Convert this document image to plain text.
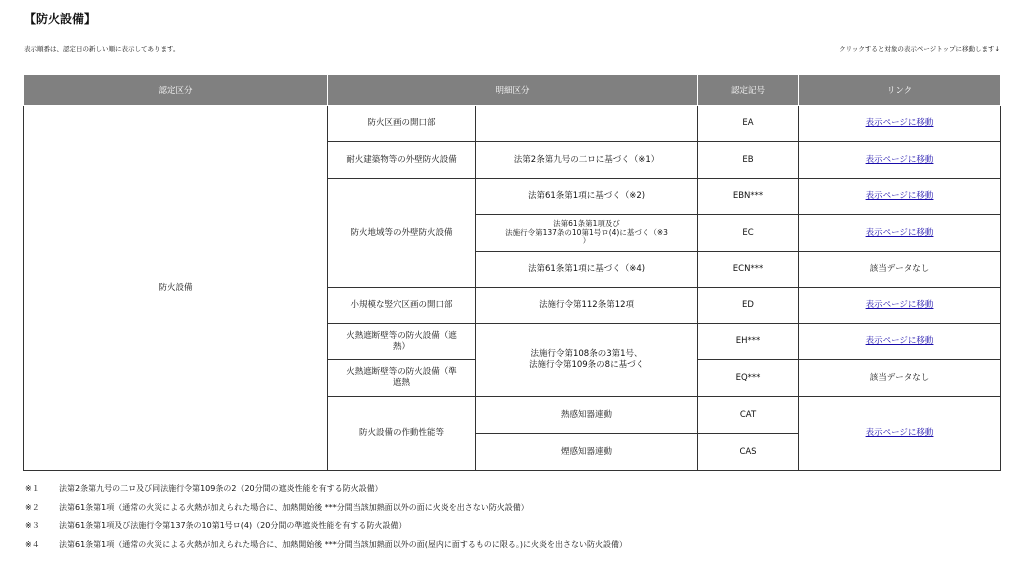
【防火設備】
表示順番は、認定日の新しい順に表示してあります。	クリックすると対象の表示ページトップに移動します↓
認定区分	明細区分		認定記号	リンク
防火設備	防火区画の開口部		EA	表示ページに移動
	耐火建築物等の外壁防火設備	法第2条第九号の二ロに基づく（※1）	EB	表示ページに移動
	防火地域等の外壁防火設備	法第61条第1項に基づく（※2)	EBN***	表示ページに移動
		法第61条第1項及び
法施行令第137条の10第1号ロ(4)に基づく（※3
）	EC	表示ページに移動
		法第61条第1項に基づく（※4)	ECN***	該当データなし
	小規模な竪穴区画の開口部	法施行令第112条第12項	ED	表示ページに移動
	火熱遮断壁等の防火設備（遮
熱）	法施行令第108条の3第1号、
法施行令第109条の8に基づく	EH***	表示ページに移動
	火熱遮断壁等の防火設備（準
遮熱		EQ***	該当データなし
	防火設備の作動性能等	熱感知器連動	CAT	表示ページに移動
		煙感知器連動	CAS	
※１ 法第2条第九号の二ロ及び同法施行令第109条の2（20分間の遮炎性能を有する防火設備）
※２ 法第61条第1項（通常の火災による火熱が加えられた場合に、加熱開始後 ***分間当該加熱面以外の面に火炎を出さない防火設備）
※３ 法第61条第1項及び法施行令第137条の10第1号ロ(4)（20分間の準遮炎性能を有する防火設備）
※４ 法第61条第1項（通常の火災による火熱が加えられた場合に、加熱開始後 ***分間当該加熱面以外の面(屋内に面するものに限る。)に火炎を出さない防火設備）
